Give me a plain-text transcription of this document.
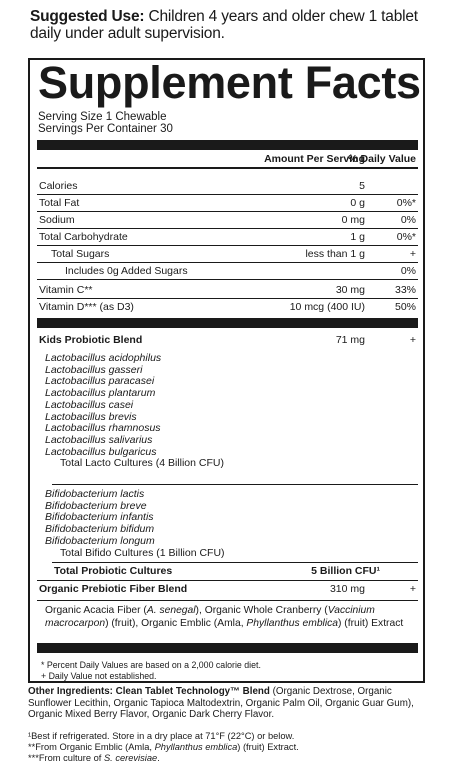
Suggested Use: Children 4 years and older chew 1 tablet daily under adult supervision.
Supplement Facts
Serving Size 1 Chewable
Servings Per Container 30
Amount Per Serving
% Daily Value
Calories	5
Total Fat	0 g	0%*
Sodium	0 mg	0%
Total Carbohydrate	1 g	0%*
Total Sugars	less than 1 g	+
Includes 0g Added Sugars	0%
Vitamin C**	30 mg	33%
Vitamin D*** (as D3)	10 mcg (400 IU)	50%
Kids Probiotic Blend	71 mg	+
Lactobacillus acidophilus
Lactobacillus gasseri
Lactobacillus paracasei
Lactobacillus plantarum
Lactobacillus casei
Lactobacillus brevis
Lactobacillus rhamnosus
Lactobacillus salivarius
Lactobacillus bulgaricus
Total Lacto Cultures (4 Billion CFU)
Bifidobacterium lactis
Bifidobacterium breve
Bifidobacterium infantis
Bifidobacterium bifidum
Bifidobacterium longum
Total Bifido Cultures (1 Billion CFU)
Total Probiotic Cultures	5 Billion CFU¹
Organic Prebiotic Fiber Blend	310 mg	+
Organic Acacia Fiber (A. senegal), Organic Whole Cranberry (Vaccinium macrocarpon) (fruit), Organic Emblic (Amla, Phyllanthus emblica) (fruit) Extract
* Percent Daily Values are based on a 2,000 calorie diet.
+ Daily Value not established.
Other Ingredients: Clean Tablet Technology™ Blend (Organic Dextrose, Organic Sunflower Lecithin, Organic Tapioca Maltodextrin, Organic Palm Oil, Organic Guar Gum), Organic Mixed Berry Flavor, Organic Dark Cherry Flavor.
¹Best if refrigerated. Store in a dry place at 71°F (22°C) or below.
**From Organic Emblic (Amla, Phyllanthus emblica) (fruit) Extract.
***From culture of S. cerevisiae.
